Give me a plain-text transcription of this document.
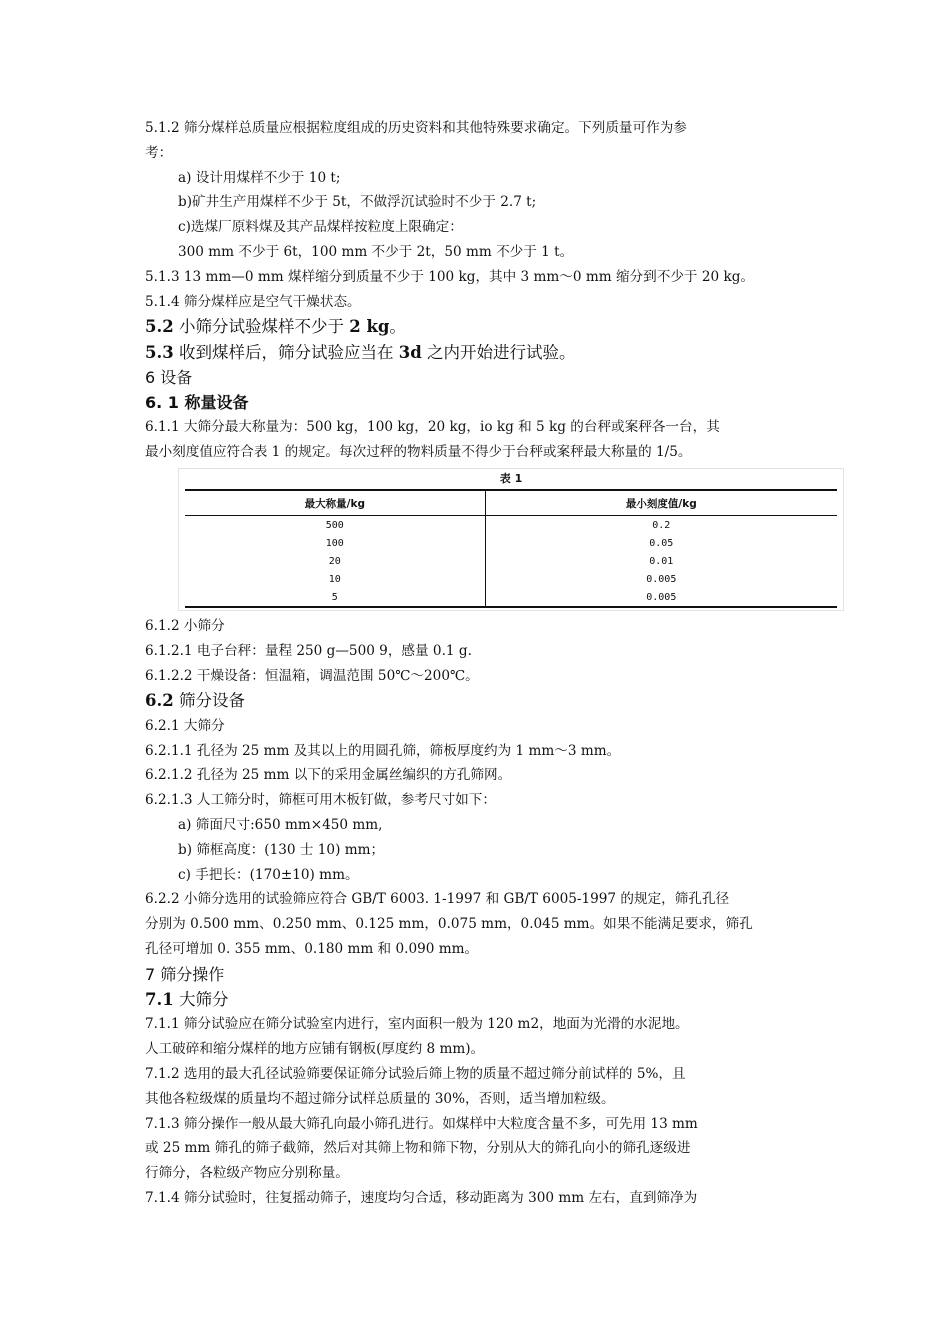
5.1.2 筛分煤样总质量应根据粒度组成的历史资料和其他特殊要求确定。下列质量可作为参

考：

a) 设计用煤样不少于 10 t;

b)矿井生产用煤样不少于 5t，不做浮沉试验时不少于 2.7 t;

c)选煤厂原料煤及其产品煤样按粒度上限确定：

300 mm 不少于 6t，100 mm 不少于 2t，50 mm 不少于 1 t。

5.1.3 13 mm—0 mm 煤样缩分到质量不少于 100 kg，其中 3 mm～0 mm 缩分到不少于 20 kg。

5.1.4 筛分煤样应是空气干燥状态。

5.2 小筛分试验煤样不少于 2 kg。

5.3 收到煤样后，筛分试验应当在 3d 之内开始进行试验。

6 设备

6. 1 称量设备

6.1.1 大筛分最大称量为：500 kg，100 kg，20 kg，io kg 和 5 kg 的台秤或案秤各一台，其

最小刻度值应符合表 1 的规定。每次过秤的物料质量不得少于台秤或案秤最大称量的 1/5。

表 1
最大称量/kg	最小刻度值/kg
500	0.2
100	0.05
20	0.01
10	0.005
5	0.005

6.1.2 小筛分

6.1.2.1 电子台秤：量程 250 g—500 9，感量 0.1 g.

6.1.2.2 干燥设备：恒温箱，调温范围 50℃～200℃。

6.2 筛分设备

6.2.1 大筛分

6.2.1.1 孔径为 25 mm 及其以上的用圆孔筛，筛板厚度约为 1 mm～3 mm。

6.2.1.2 孔径为 25 mm 以下的采用金属丝编织的方孔筛网。

6.2.1.3 人工筛分时，筛框可用木板钉做，参考尺寸如下：

a) 筛面尺寸:650 mm×450 mm,

b) 筛框高度：(130 士 10) mm；

c) 手把长：(170±10) mm。

6.2.2 小筛分选用的试验筛应符合 GB/T 6003. 1-1997 和 GB/T 6005-1997 的规定，筛孔孔径

分别为 0.500 mm、0.250 mm、0.125 mm，0.075 mm，0.045 mm。如果不能满足要求，筛孔

孔径可增加 0. 355 mm、0.180 mm 和 0.090 mm。

7 筛分操作

7.1 大筛分

7.1.1 筛分试验应在筛分试验室内进行，室内面积一般为 120 m2，地面为光滑的水泥地。

人工破碎和缩分煤样的地方应铺有钢板(厚度约 8 mm)。

7.1.2 选用的最大孔径试验筛要保证筛分试验后筛上物的质量不超过筛分前试样的 5%，且

其他各粒级煤的质量均不超过筛分试样总质量的 30%，否则，适当增加粒级。

7.1.3 筛分操作一般从最大筛孔向最小筛孔进行。如煤样中大粒度含量不多，可先用 13 mm

或 25 mm 筛孔的筛子截筛，然后对其筛上物和筛下物，分别从大的筛孔向小的筛孔逐级进

行筛分，各粒级产物应分别称量。

7.1.4 筛分试验时，往复摇动筛子，速度均匀合适，移动距离为 300 mm 左右，直到筛净为
